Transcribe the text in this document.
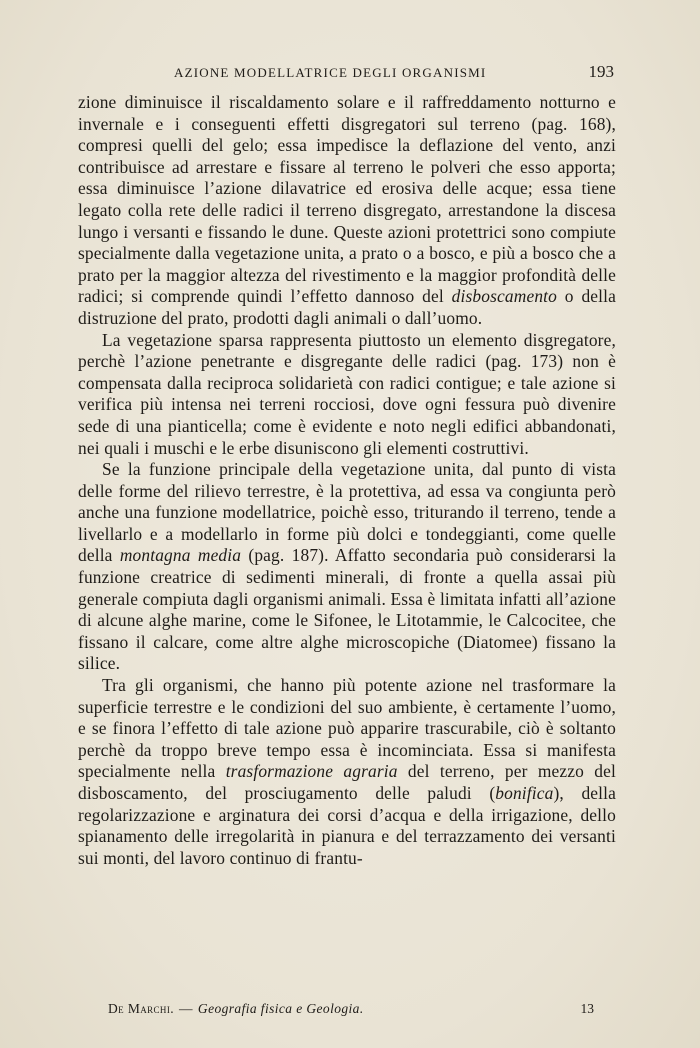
AZIONE MODELLATRICE DEGLI ORGANISMI	193

zione diminuisce il riscaldamento solare e il raffreddamento notturno e invernale e i conseguenti effetti disgregatori sul terreno (pag. 168), compresi quelli del gelo; essa impedisce la deflazione del vento, anzi contribuisce ad arrestare e fissare al terreno le polveri che esso apporta; essa diminuisce l’azione dilavatrice ed erosiva delle acque; essa tiene legato colla rete delle radici il terreno disgregato, arrestandone la discesa lungo i versanti e fissando le dune. Queste azioni protettrici sono compiute specialmente dalla vegetazione unita, a prato o a bosco, e più a bosco che a prato per la maggior altezza del rivestimento e la maggior profondità delle radici; si comprende quindi l’effetto dannoso del disboscamento o della distruzione del prato, prodotti dagli animali o dall’uomo.

La vegetazione sparsa rappresenta piuttosto un elemento disgregatore, perchè l’azione penetrante e disgregante delle radici (pag. 173) non è compensata dalla reciproca solidarietà con radici contigue; e tale azione si verifica più intensa nei terreni rocciosi, dove ogni fessura può divenire sede di una pianticella; come è evidente e noto negli edifici abbandonati, nei quali i muschi e le erbe disuniscono gli elementi costruttivi.

Se la funzione principale della vegetazione unita, dal punto di vista delle forme del rilievo terrestre, è la protettiva, ad essa va congiunta però anche una funzione modellatrice, poichè esso, triturando il terreno, tende a livellarlo e a modellarlo in forme più dolci e tondeggianti, come quelle della montagna media (pag. 187). Affatto secondaria può considerarsi la funzione creatrice di sedimenti minerali, di fronte a quella assai più generale compiuta dagli organismi animali. Essa è limitata infatti all’azione di alcune alghe marine, come le Sifonee, le Litotammie, le Calcocitee, che fissano il calcare, come altre alghe microscopiche (Diatomee) fissano la silice.

Tra gli organismi, che hanno più potente azione nel trasformare la superficie terrestre e le condizioni del suo ambiente, è certamente l’uomo, e se finora l’effetto di tale azione può apparire trascurabile, ciò è soltanto perchè da troppo breve tempo essa è incominciata. Essa si manifesta specialmente nella trasformazione agraria del terreno, per mezzo del disboscamento, del prosciugamento delle paludi (bonifica), della regolarizzazione e arginatura dei corsi d’acqua e della irrigazione, dello spianamento delle irregolarità in pianura e del terrazzamento dei versanti sui monti, del lavoro continuo di frantu-

De Marchi. — Geografia fisica e Geologia.	13
